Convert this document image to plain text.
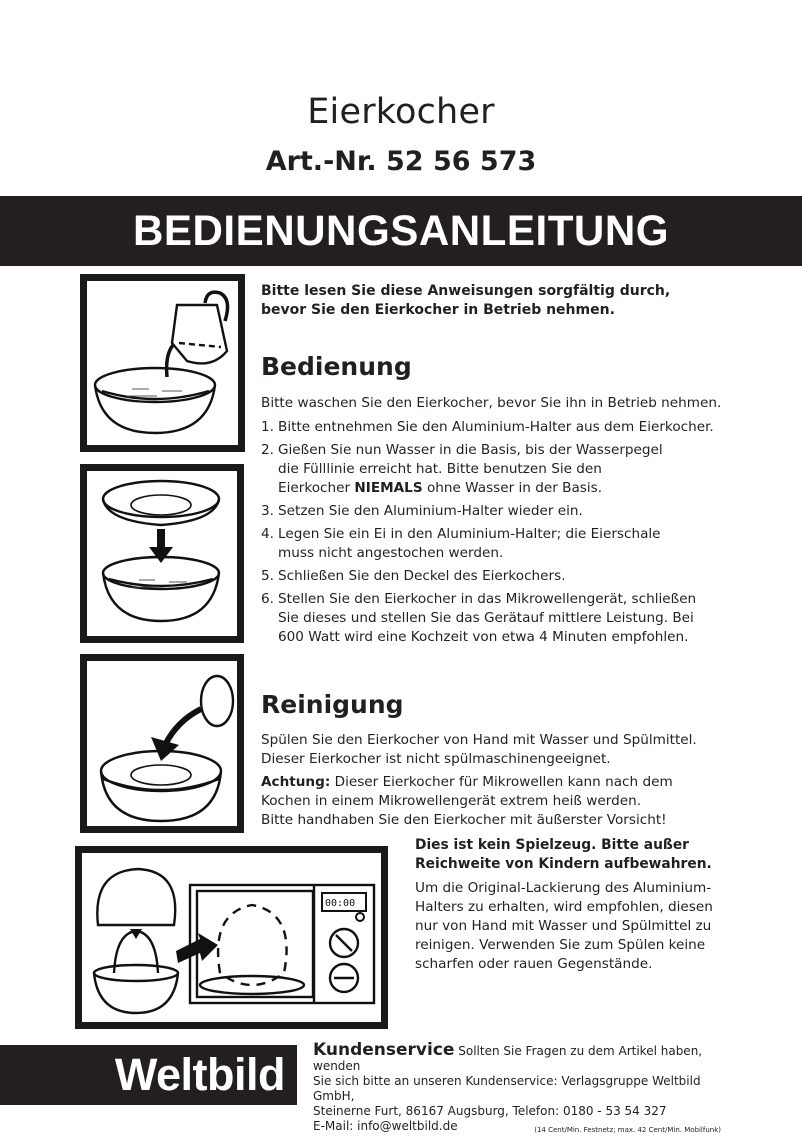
Eierkocher
Art.-Nr. 52 56 573
BEDIENUNGSANLEITUNG
00:00
Bitte lesen Sie diese Anweisungen sorgfältig durch,
bevor Sie den Eierkocher in Betrieb nehmen.
Bedienung
Bitte waschen Sie den Eierkocher, bevor Sie ihn in Betrieb nehmen.
1. Bitte entnehmen Sie den Aluminium-Halter aus dem Eierkocher.
2. Gießen Sie nun Wasser in die Basis, bis der Wasserpegel die Fülllinie erreicht hat. Bitte benutzen Sie den Eierkocher NIEMALS ohne Wasser in der Basis.
3. Setzen Sie den Aluminium-Halter wieder ein.
4. Legen Sie ein Ei in den Aluminium-Halter; die Eierschale muss nicht angestochen werden.
5. Schließen Sie den Deckel des Eierkochers.
6. Stellen Sie den Eierkocher in das Mikrowellengerät, schließen Sie dieses und stellen Sie das Gerätauf mittlere Leistung. Bei 600 Watt wird eine Kochzeit von etwa 4 Minuten empfohlen.
Reinigung

Spülen Sie den Eierkocher von Hand mit Wasser und Spülmittel. Dieser Eierkocher ist nicht spülmaschinengeeignet.

Achtung: Dieser Eierkocher für Mikrowellen kann nach dem Kochen in einem Mikrowellengerät extrem heiß werden. Bitte handhaben Sie den Eierkocher mit äußerster Vorsicht!

Dies ist kein Spielzeug. Bitte außer
Reichweite von Kindern aufbewahren.
Um die Original-Lackierung des Aluminium-Halters zu erhalten, wird empfohlen, diesen nur von Hand mit Wasser und Spülmittel zu reinigen. Verwenden Sie zum Spülen keine scharfen oder rauen Gegenstände.
Weltbild Kundenservice Sollten Sie Fragen zu dem Artikel haben, wenden
Sie sich bitte an unseren Kundenservice: Verlagsgruppe Weltbild GmbH,
Steinerne Furt, 86167 Augsburg, Telefon: 0180 - 53 54 327
E-Mail: info@weltbild.de	(14 Cent/Min. Festnetz; max. 42 Cent/Min. Mobilfunk)
